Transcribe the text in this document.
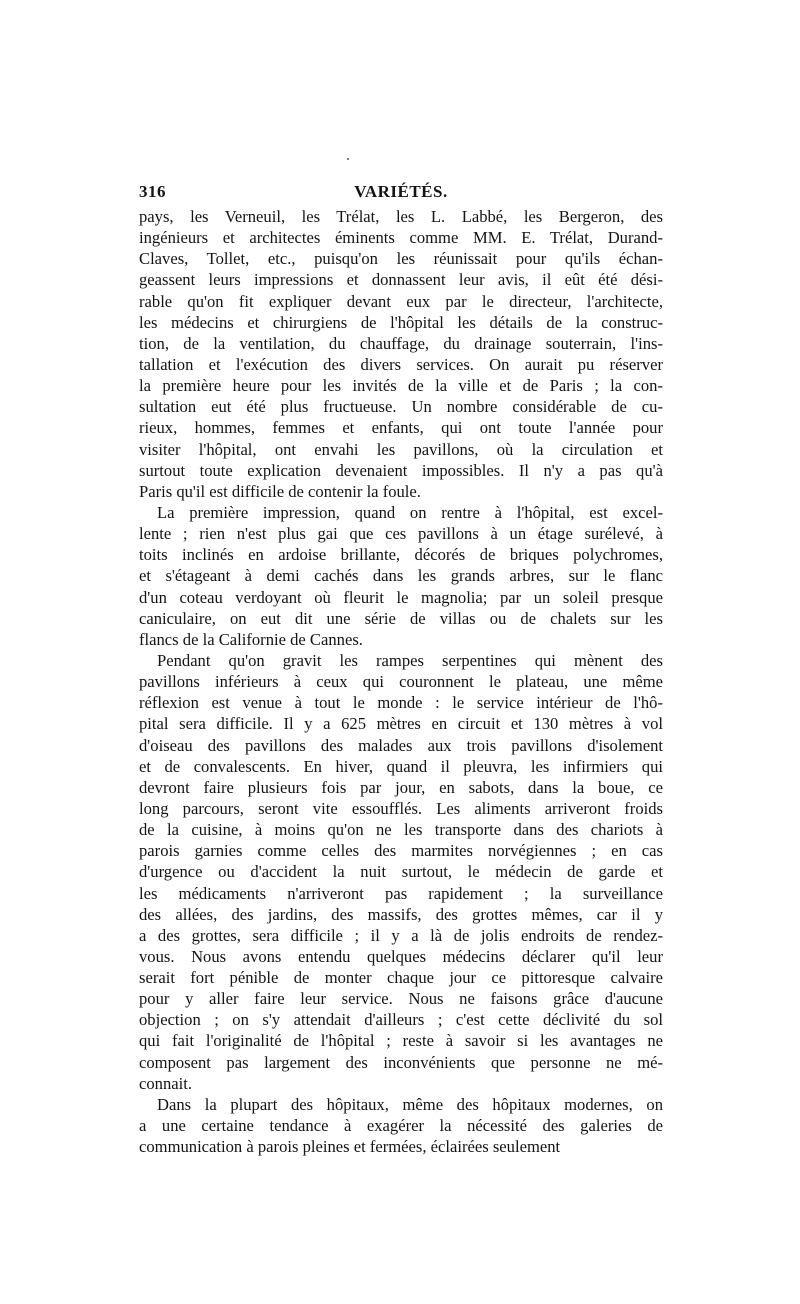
316	VARIÉTÉS.
pays, les Verneuil, les Trélat, les L. Labbé, les Bergeron, des
ingénieurs et architectes éminents comme MM. E. Trélat, Durand-
Claves, Tollet, etc., puisqu'on les réunissait pour qu'ils échan-
geassent leurs impressions et donnassent leur avis, il eût été dési-
rable qu'on fit expliquer devant eux par le directeur, l'architecte,
les médecins et chirurgiens de l'hôpital les détails de la construc-
tion, de la ventilation, du chauffage, du drainage souterrain, l'ins-
tallation et l'exécution des divers services. On aurait pu réserver
la première heure pour les invités de la ville et de Paris ; la con-
sultation eut été plus fructueuse. Un nombre considérable de cu-
rieux, hommes, femmes et enfants, qui ont toute l'année pour
visiter l'hôpital, ont envahi les pavillons, où la circulation et
surtout toute explication devenaient impossibles. Il n'y a pas qu'à
Paris qu'il est difficile de contenir la foule.
La première impression, quand on rentre à l'hôpital, est excel-
lente ; rien n'est plus gai que ces pavillons à un étage surélevé, à
toits inclinés en ardoise brillante, décorés de briques polychromes,
et s'étageant à demi cachés dans les grands arbres, sur le flanc
d'un coteau verdoyant où fleurit le magnolia; par un soleil presque
caniculaire, on eut dit une série de villas ou de chalets sur les
flancs de la Californie de Cannes.
Pendant qu'on gravit les rampes serpentines qui mènent des
pavillons inférieurs à ceux qui couronnent le plateau, une même
réflexion est venue à tout le monde : le service intérieur de l'hô-
pital sera difficile. Il y a 625 mètres en circuit et 130 mètres à vol
d'oiseau des pavillons des malades aux trois pavillons d'isolement
et de convalescents. En hiver, quand il pleuvra, les infirmiers qui
devront faire plusieurs fois par jour, en sabots, dans la boue, ce
long parcours, seront vite essoufflés. Les aliments arriveront froids
de la cuisine, à moins qu'on ne les transporte dans des chariots à
parois garnies comme celles des marmites norvégiennes ; en cas
d'urgence ou d'accident la nuit surtout, le médecin de garde et
les médicaments n'arriveront pas rapidement ; la surveillance
des allées, des jardins, des massifs, des grottes mêmes, car il y
a des grottes, sera difficile ; il y a là de jolis endroits de rendez-
vous. Nous avons entendu quelques médecins déclarer qu'il leur
serait fort pénible de monter chaque jour ce pittoresque calvaire
pour y aller faire leur service. Nous ne faisons grâce d'aucune
objection ; on s'y attendait d'ailleurs ; c'est cette déclivité du sol
qui fait l'originalité de l'hôpital ; reste à savoir si les avantages ne
composent pas largement des inconvénients que personne ne mé-
connait.
Dans la plupart des hôpitaux, même des hôpitaux modernes, on
a une certaine tendance à exagérer la nécessité des galeries de
communication à parois pleines et fermées, éclairées seulement
